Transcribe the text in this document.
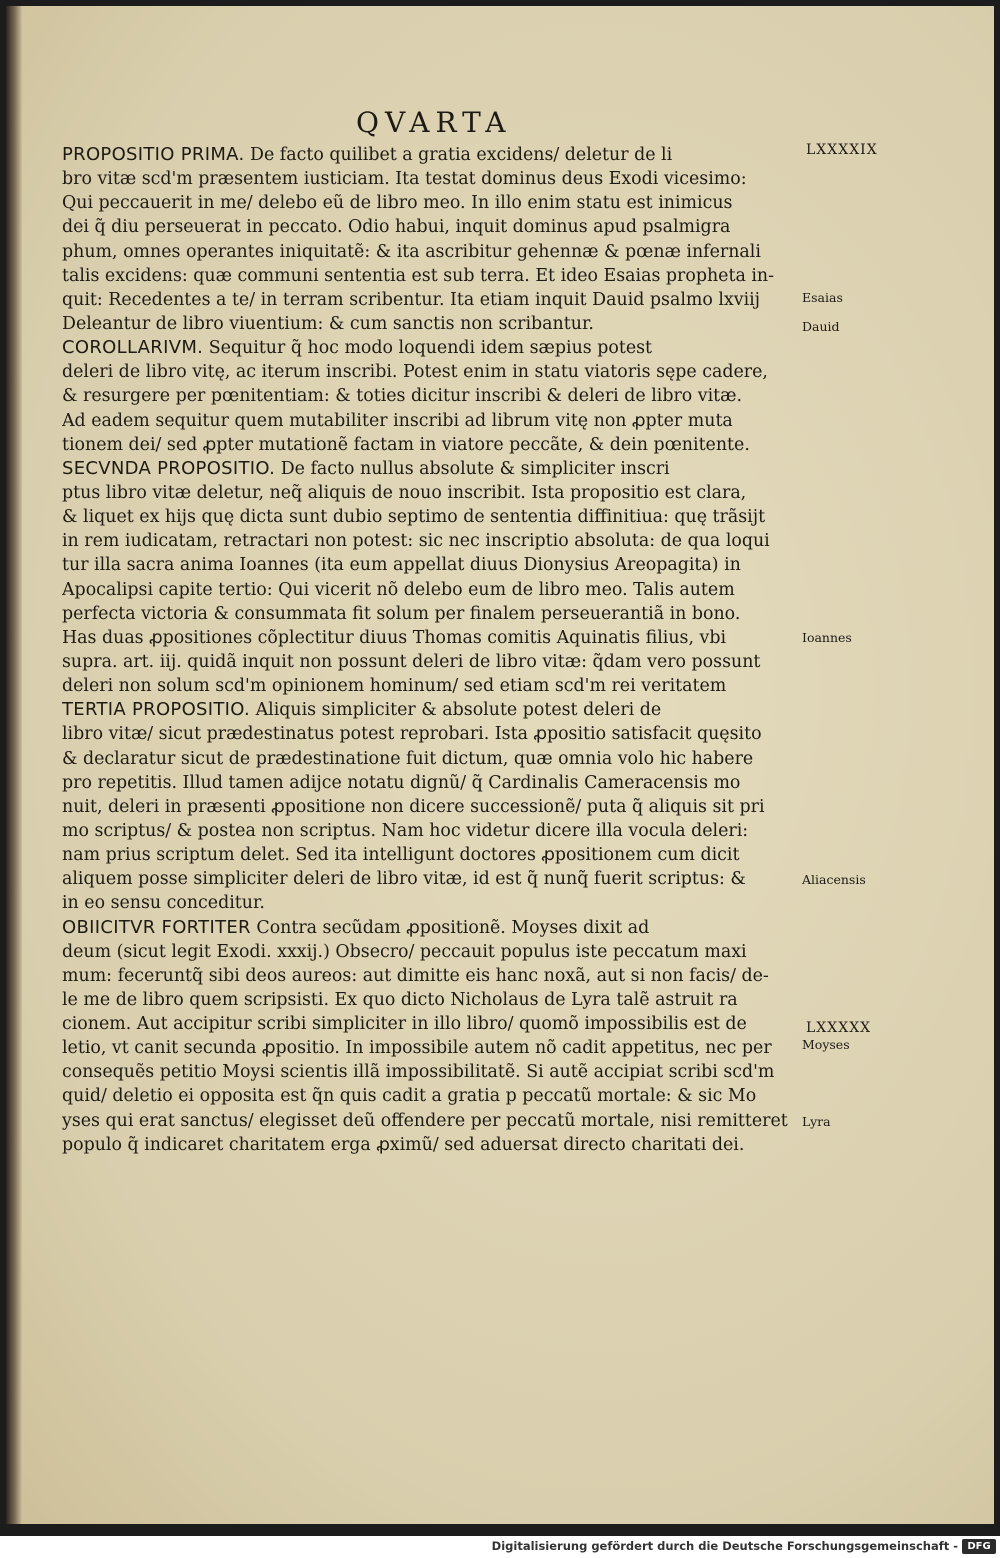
QVARTA
LXXXXIX
LXXXXX
Esaias
Dauid
Ioannes
Aliacensis
Moyses
Lyra
PROPOSITIO PRIMA. De facto quilibet a gratia excidens/ deletur de li
bro vitæ scd'm præsentem iusticiam. Ita testat dominus deus Exodi vicesimo:
Qui peccauerit in me/ delebo eũ de libro meo. In illo enim statu est inimicus
dei q̃ diu perseuerat in peccato. Odio habui, inquit dominus apud psalmigra
phum, omnes operantes iniquitatẽ: & ita ascribitur gehennæ & pœnæ infernali
talis excidens: quæ communi sententia est sub terra. Et ideo Esaias propheta in-
quit: Recedentes a te/ in terram scribentur. Ita etiam inquit Dauid psalmo lxviij
Deleantur de libro viuentium: & cum sanctis non scribantur.
COROLLARIVM. Sequitur q̃ hoc modo loquendi idem sæpius potest
deleri de libro vitę, ac iterum inscribi. Potest enim in statu viatoris sępe cadere,
& resurgere per pœnitentiam: & toties dicitur inscribi & deleri de libro vitæ.
Ad eadem sequitur quem mutabiliter inscribi ad librum vitę non ꝓpter muta
tionem dei/ sed ꝓpter mutationẽ factam in viatore peccãte, & dein pœnitente.
SECVNDA PROPOSITIO. De facto nullus absolute & simpliciter inscri
ptus libro vitæ deletur, neq̃ aliquis de nouo inscribit. Ista propositio est clara,
& liquet ex hijs quę dicta sunt dubio septimo de sententia diffinitiua: quę trãsijt
in rem iudicatam, retractari non potest: sic nec inscriptio absoluta: de qua loqui
tur illa sacra anima Ioannes (ita eum appellat diuus Dionysius Areopagita) in
Apocalipsi capite tertio: Qui vicerit nõ delebo eum de libro meo. Talis autem
perfecta victoria & consummata fit solum per finalem perseuerantiã in bono.
Has duas ꝓpositiones cõplectitur diuus Thomas comitis Aquinatis filius, vbi
supra. art. iij. quidã inquit non possunt deleri de libro vitæ: q̃dam vero possunt
deleri non solum scd'm opinionem hominum/ sed etiam scd'm rei veritatem
TERTIA PROPOSITIO. Aliquis simpliciter & absolute potest deleri de
libro vitæ/ sicut prædestinatus potest reprobari. Ista ꝓpositio satisfacit quęsito
& declaratur sicut de prædestinatione fuit dictum, quæ omnia volo hic habere
pro repetitis. Illud tamen adijce notatu dignũ/ q̃ Cardinalis Cameracensis mo
nuit, deleri in præsenti ꝓpositione non dicere successionẽ/ puta q̃ aliquis sit pri
mo scriptus/ & postea non scriptus. Nam hoc videtur dicere illa vocula deleri:
nam prius scriptum delet. Sed ita intelligunt doctores ꝓpositionem cum dicit
aliquem posse simpliciter deleri de libro vitæ, id est q̃ nunq̃ fuerit scriptus: &
in eo sensu conceditur.
OBIICITVR FORTITER Contra secũdam ꝓpositionẽ. Moyses dixit ad
deum (sicut legit Exodi. xxxij.) Obsecro/ peccauit populus iste peccatum maxi
mum: feceruntq̃ sibi deos aureos: aut dimitte eis hanc noxã, aut si non facis/ de-
le me de libro quem scripsisti. Ex quo dicto Nicholaus de Lyra talẽ astruit ra
cionem. Aut accipitur scribi simpliciter in illo libro/ quomõ impossibilis est de
letio, vt canit secunda ꝓpositio. In impossibile autem nõ cadit appetitus, nec per
consequẽs petitio Moysi scientis illã impossibilitatẽ. Si autẽ accipiat scribi scd'm
quid/ deletio ei opposita est q̃n quis cadit a gratia p peccatũ mortale: & sic Mo
yses qui erat sanctus/ elegisset deũ offendere per peccatũ mortale, nisi remitteret
populo q̃ indicaret charitatem erga ꝓximũ/ sed aduersat directo charitati dei.
Digitalisierung gefördert durch die Deutsche Forschungsgemeinschaft - DFG
